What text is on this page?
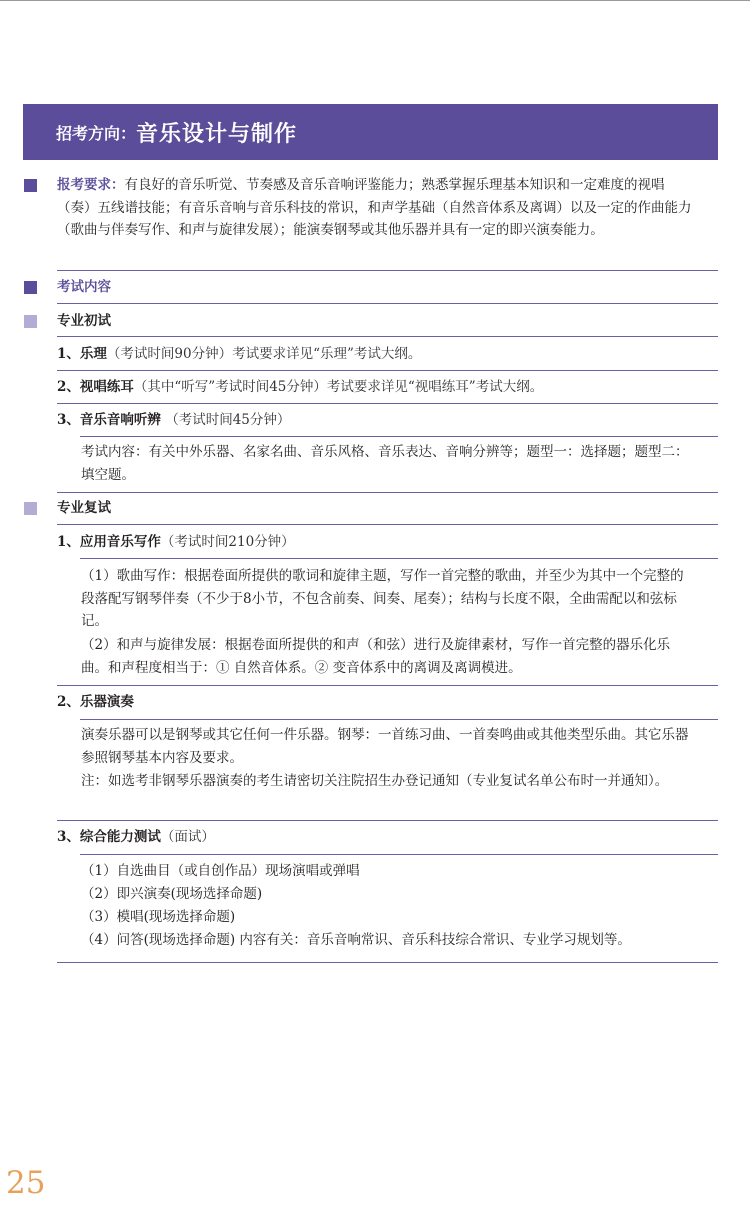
招考方向： 音乐设计与制作
报考要求：有良好的音乐听觉、节奏感及音乐音响评鉴能力；熟悉掌握乐理基本知识和一定难度的视唱（奏）五线谱技能；有音乐音响与音乐科技的常识，和声学基础（自然音体系及离调）以及一定的作曲能力（歌曲与伴奏写作、和声与旋律发展）；能演奏钢琴或其他乐器并具有一定的即兴演奏能力。
考试内容
专业初试
1、乐理（考试时间90分钟）考试要求详见“乐理”考试大纲。
2、视唱练耳（其中“听写”考试时间45分钟）考试要求详见“视唱练耳”考试大纲。
3、音乐音响听辨 （考试时间45分钟）
考试内容：有关中外乐器、名家名曲、音乐风格、音乐表达、音响分辨等；题型一：选择题；题型二：填空题。
专业复试
1、应用音乐写作（考试时间210分钟）
（1）歌曲写作：根据卷面所提供的歌词和旋律主题，写作一首完整的歌曲，并至少为其中一个完整的段落配写钢琴伴奏（不少于8小节，不包含前奏、间奏、尾奏）；结构与长度不限，全曲需配以和弦标记。
（2）和声与旋律发展：根据卷面所提供的和声（和弦）进行及旋律素材，写作一首完整的器乐化乐曲。和声程度相当于：① 自然音体系。② 变音体系中的离调及离调模进。
2、乐器演奏
演奏乐器可以是钢琴或其它任何一件乐器。钢琴：一首练习曲、一首奏鸣曲或其他类型乐曲。其它乐器参照钢琴基本内容及要求。
注：如选考非钢琴乐器演奏的考生请密切关注院招生办登记通知（专业复试名单公布时一并通知）。
3、综合能力测试（面试）
（1）自选曲目（或自创作品）现场演唱或弹唱
（2）即兴演奏(现场选择命题)
（3）模唱(现场选择命题)
（4）问答(现场选择命题) 内容有关：音乐音响常识、音乐科技综合常识、专业学习规划等。
25
